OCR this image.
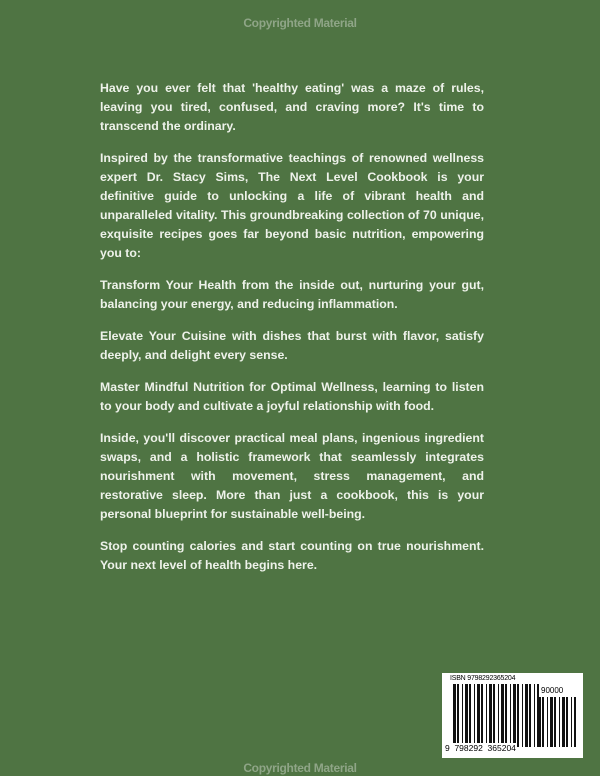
Copyrighted Material

Have you ever felt that 'healthy eating' was a maze of rules, leaving you tired, confused, and craving more? It's time to transcend the ordinary.

Inspired by the transformative teachings of renowned wellness expert Dr. Stacy Sims, The Next Level Cookbook is your definitive guide to unlocking a life of vibrant health and unparalleled vitality. This groundbreaking collection of 70 unique, exquisite recipes goes far beyond basic nutrition, empowering you to:

Transform Your Health from the inside out, nurturing your gut, balancing your energy, and reducing inflammation.

Elevate Your Cuisine with dishes that burst with flavor, satisfy deeply, and delight every sense.

Master Mindful Nutrition for Optimal Wellness, learning to listen to your body and cultivate a joyful relationship with food.

Inside, you'll discover practical meal plans, ingenious ingredient swaps, and a holistic framework that seamlessly integrates nourishment with movement, stress management, and restorative sleep. More than just a cookbook, this is your personal blueprint for sustainable well-being.

Stop counting calories and start counting on true nourishment. Your next level of health begins here.

ISBN 9798292365204
90000
9  798292  365204
Copyrighted Material
